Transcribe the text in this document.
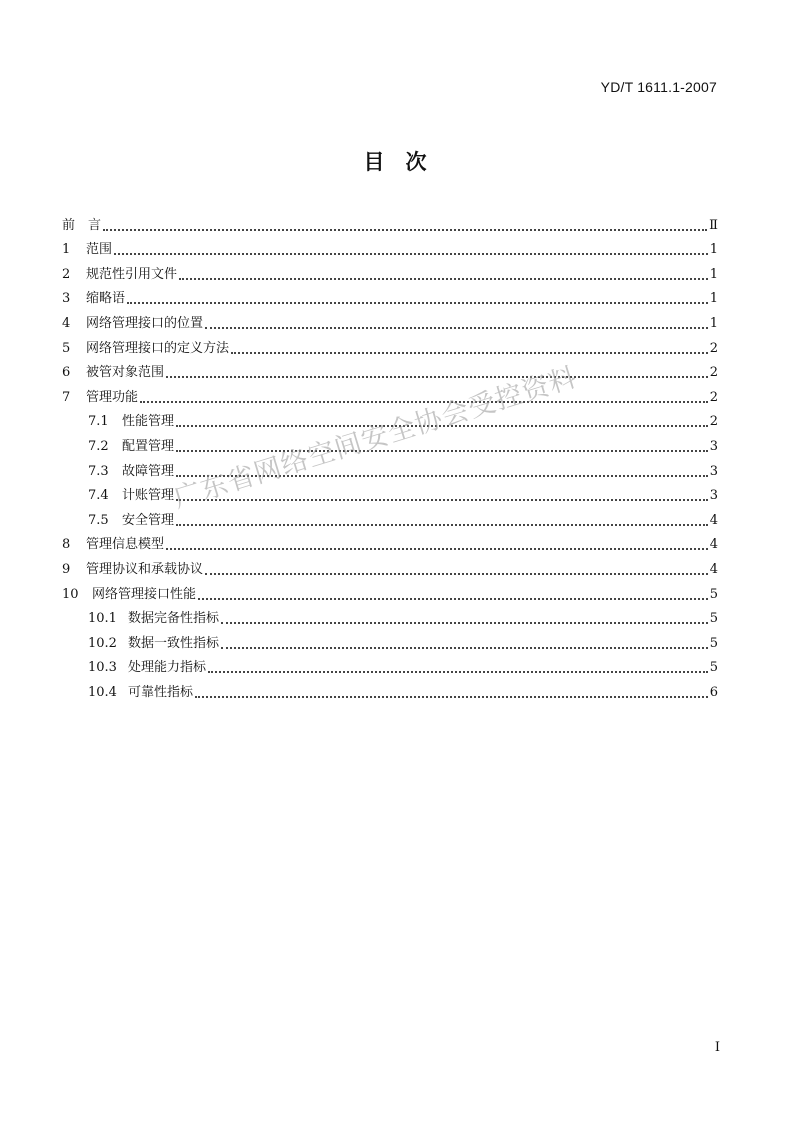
YD/T 1611.1-2007
目　次
前　言	Ⅱ
1	范围	1
2	规范性引用文件	1
3	缩略语	1
4	网络管理接口的位置	1
5	网络管理接口的定义方法	2
6	被管对象范围	2
7	管理功能	2
7.1	性能管理	2
7.2	配置管理	3
7.3	故障管理	3
7.4	计账管理	3
7.5	安全管理	4
8	管理信息模型	4
9	管理协议和承载协议	4
10	网络管理接口性能	5
10.1 数据完备性指标	5
10.2 数据一致性指标	5
10.3 处理能力指标	5
10.4 可靠性指标	6
广东省网络空间安全协会受控资料
I
